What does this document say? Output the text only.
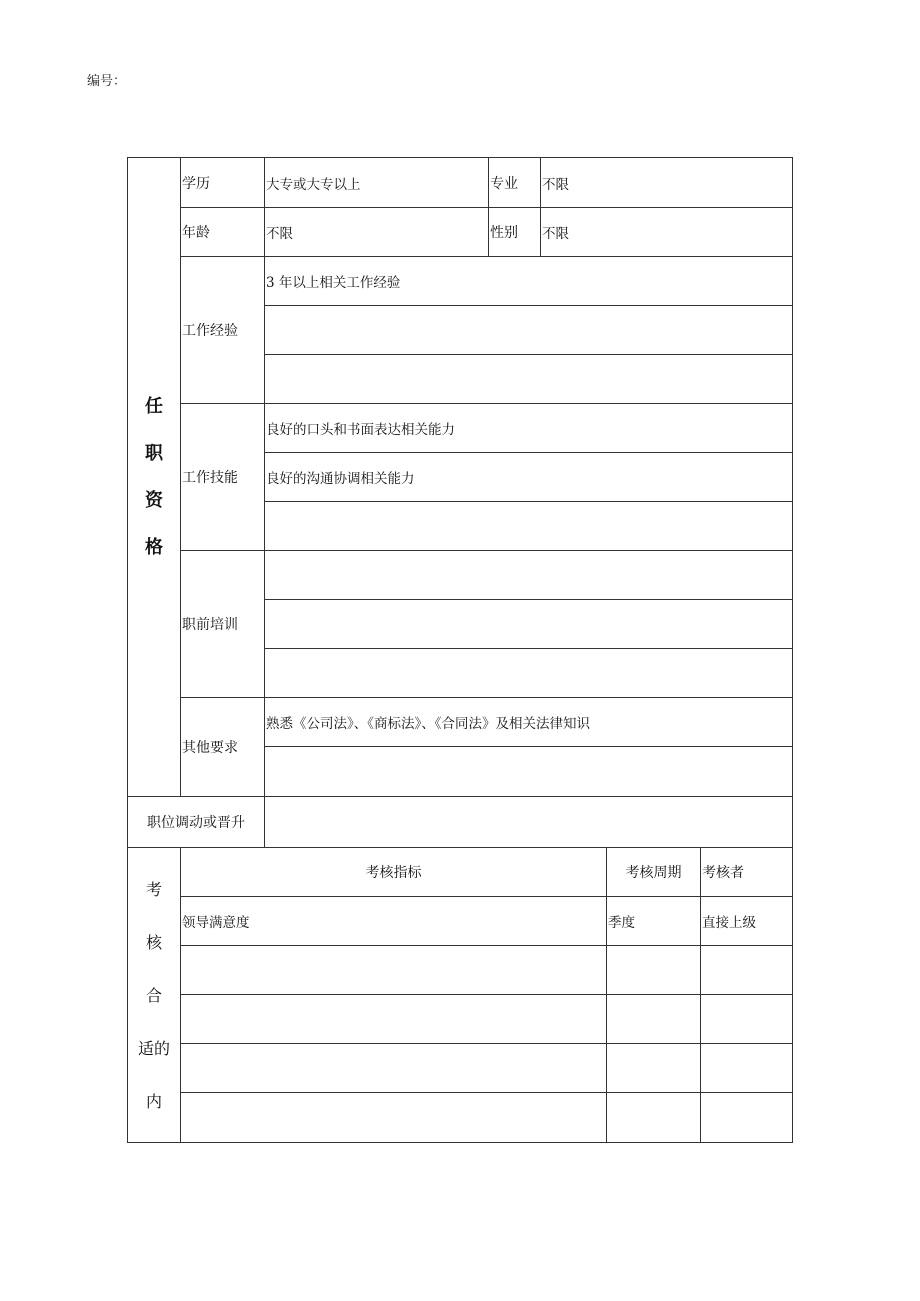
编号：
任
职
资
格	学历	大专或大专以上	专业	不限		
	年龄	不限	性别	不限		
	工作经验	3 年以上相关工作经验				

	工作技能	良好的口头和书面表达相关能力				
		良好的沟通协调相关能力				

	职前培训					

	其他要求	熟悉《公司法》、《商标法》、《合同法》及相关法律知识				

职位调动或晋升						

考
核
合
适的
内	考核指标				考核周期	考核者
	领导满意度				季度	直接上级
